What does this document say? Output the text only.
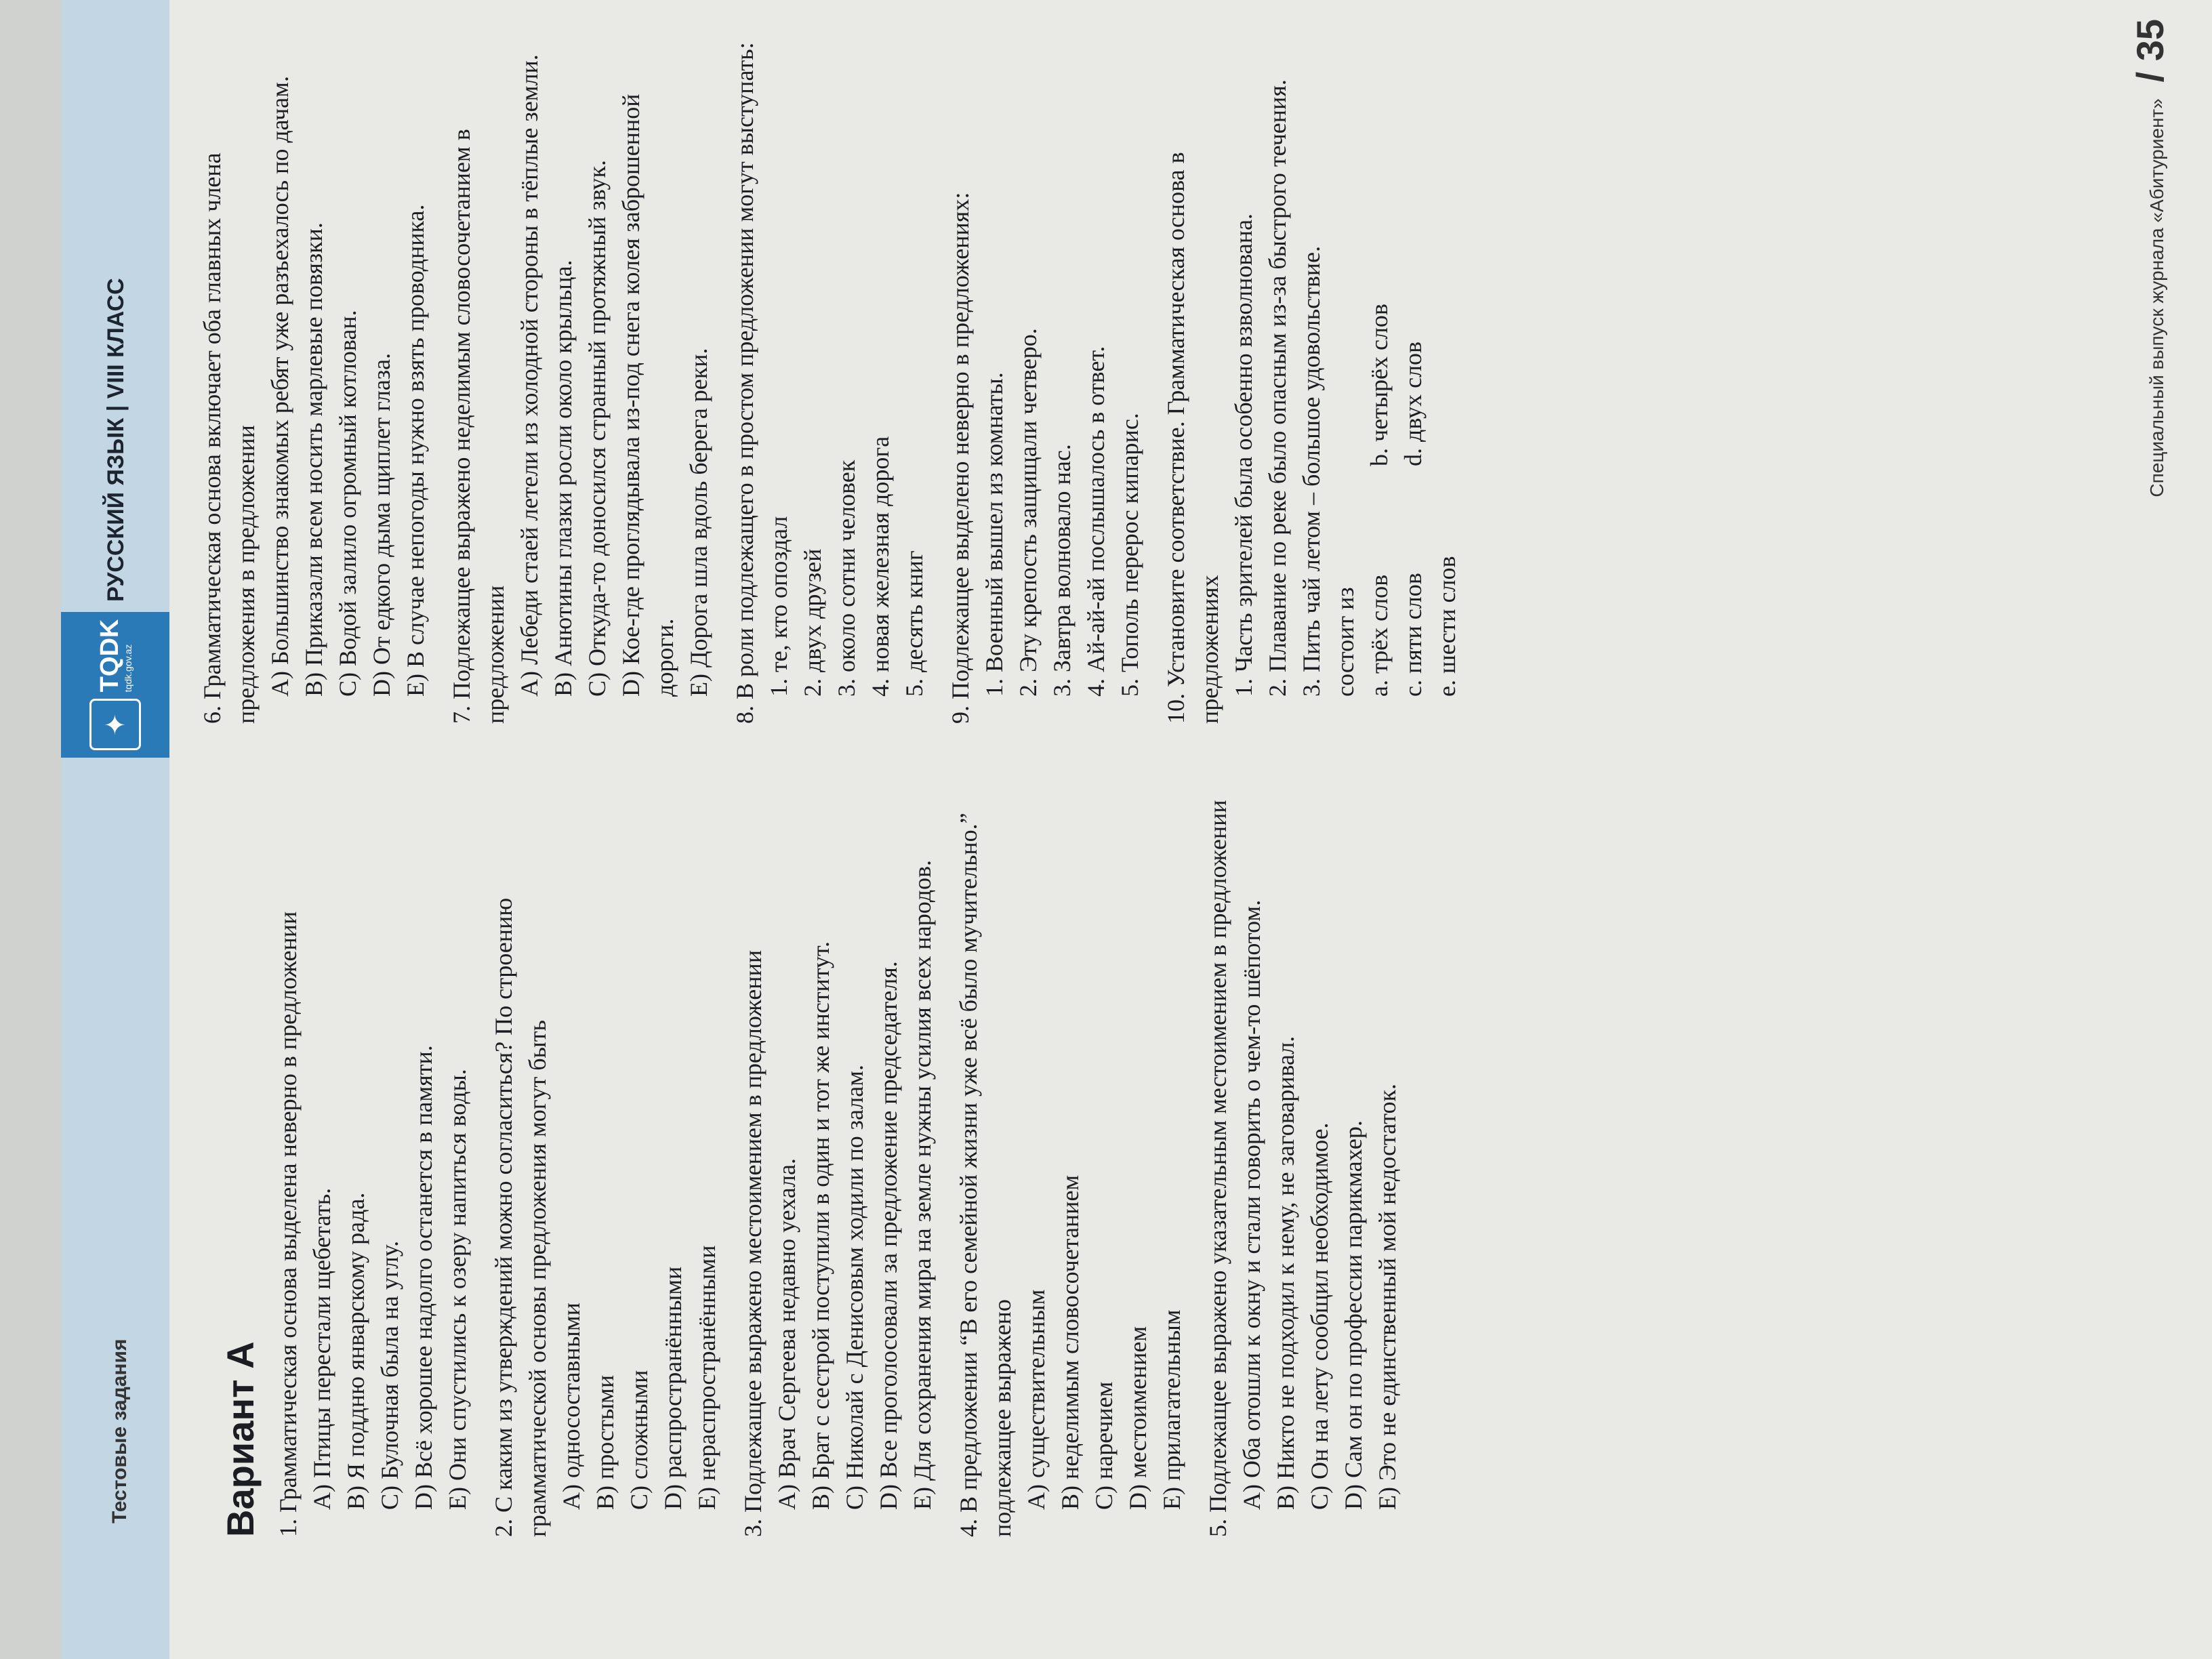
Тестовые задания
✦
TQDK
tqdk.gov.az
РУССКИЙ ЯЗЫК | VIII КЛАСС
Вариант А 1. Грамматическая основа выделена неверно в предложении A) Птицы перестали щебетать. B) Я поддню январскому рада. C) Булочная была на углу. D) Всё хорошее надолго останется в памяти. E) Они спустились к озеру напиться воды. 2. С каким из утверждений можно согласиться? По строению грамматической основы предложения могут быть A) односоставными B) простыми C) сложными D) распространёнными E) нераспространёнными 3. Подлежащее выражено местоимением в предложении A) Врач Сергеева недавно уехала. B) Брат с сестрой поступили в один и тот же институт. C) Николай с Денисовым ходили по залам. D) Все проголосовали за предложение председателя. E) Для сохранения мира на земле нужны усилия всех народов. 4. В предложении “В его семейной жизни уже всё было мучительно.” подлежащее выражено A) существительным B) неделимым словосочетанием C) наречием D) местоимением E) прилагательным 5. Подлежащее выражено указательным местоимением в предложении A) Оба отошли к окну и стали говорить о чем-то шёпотом. B) Никто не подходил к нему, не заговаривал. C) Он на лету сообщил необходимое. D) Сам он по профессии парикмахер. E) Это не единственный мой недостаток.
6. Грамматическая основа включает оба главных члена предложения в предложении A) Большинство знакомых ребят уже разъехалось по дачам. B) Приказали всем носить марлевые повязки. C) Водой залило огромный котлован. D) От едкого дыма щиплет глаза. E) В случае непогоды нужно взять проводника. 7. Подлежащее выражено неделимым словосочетанием в предложении A) Лебеди стаей летели из холодной стороны в тёплые земли. B) Анютины глазки росли около крыльца. C) Откуда-то доносился странный протяжный звук. D) Кое-где проглядывала из-под снега колея заброшенной дороги. E) Дорога шла вдоль берега реки. 8. В роли подлежащего в простом предложении могут выступать: 1. те, кто опоздал 2. двух друзей 3. около сотни человек 4. новая железная дорога 5. десять книг 9. Подлежащее выделено неверно в предложениях: 1. Военный вышел из комнаты. 2. Эту крепость защищали четверо. 3. Завтра волновало нас. 4. Ай-ай-ай послышалось в ответ. 5. Тополь перерос кипарис. 10. Установите соответствие. Грамматическая основа в предложениях 1. Часть зрителей была особенно взволнована. 2. Плавание по реке было опасным из-за быстрого течения. 3. Пить чай летом – большое удовольствие. состоит из a. трёх слов
b. четырёх слов
c. пяти слов
d. двух слов
e. шести слов
Специальный выпуск журнала «Абитуриент» / 35
